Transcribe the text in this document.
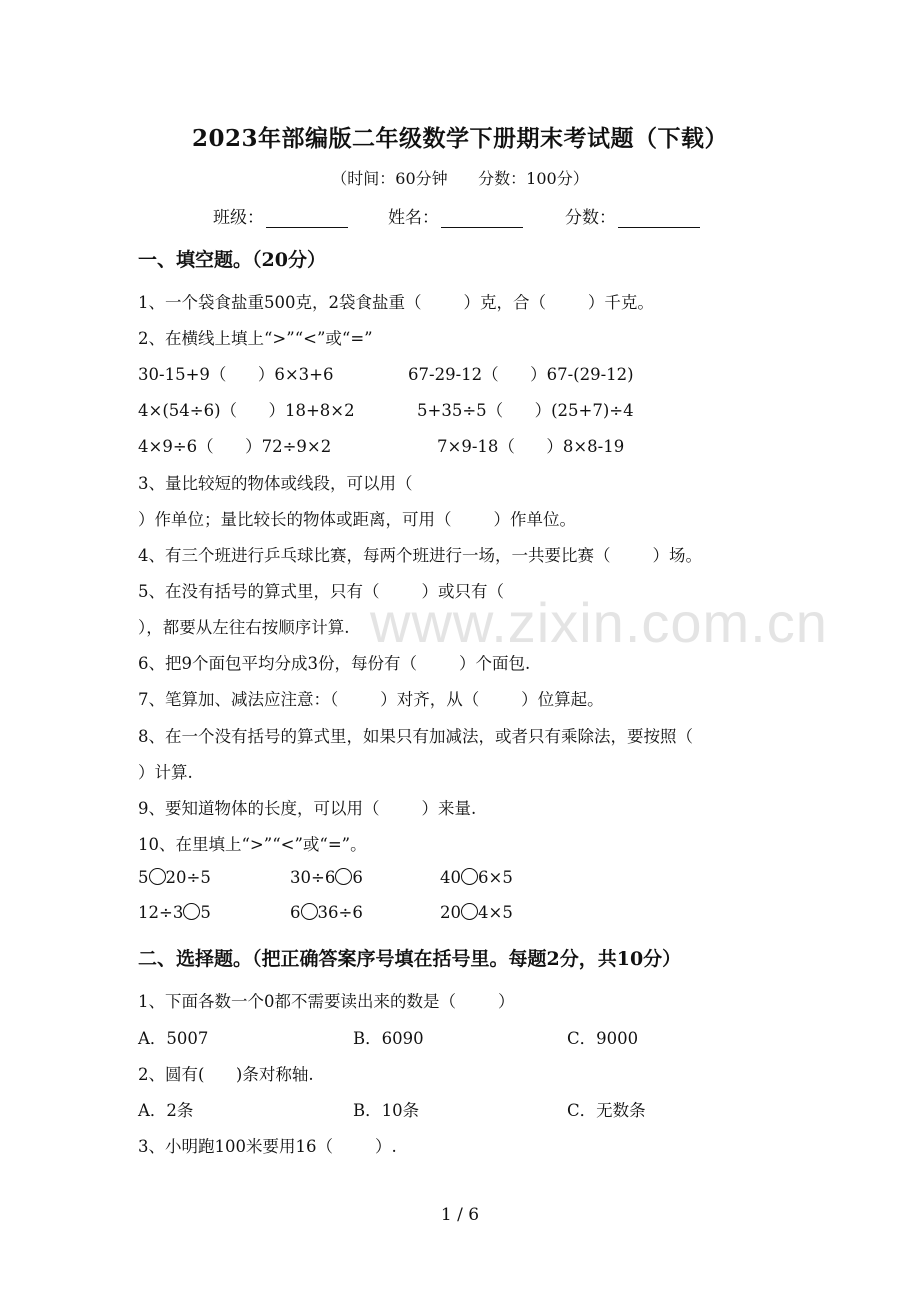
www.zixin.com.cn
2023年部编版二年级数学下册期末考试题（下载）
（时间：60分钟      分数：100分）
班级：	姓名：	分数：
一、填空题。（20分）
1、一个袋食盐重500克，2袋食盐重（        ）克，合（        ）千克。
2、在横线上填上“>”“<”或“=”
30-15+9（      ）6×3+6	67-29-12（      ）67-(29-12)
4×(54÷6)（      ）18+8×2	5+35÷5（      ）(25+7)÷4
4×9÷6（      ）72÷9×2	7×9-18（      ）8×8-19
3、量比较短的物体或线段，可以用（
）作单位；量比较长的物体或距离，可用（        ）作单位。
4、有三个班进行乒乓球比赛，每两个班进行一场，一共要比赛（        ）场。
5、在没有括号的算式里，只有（        ）或只有（
），都要从左往右按顺序计算.
6、把9个面包平均分成3份，每份有（        ）个面包.
7、笔算加、减法应注意：（        ）对齐，从（        ）位算起。
8、在一个没有括号的算式里，如果只有加减法，或者只有乘除法，要按照（
）计算.
9、要知道物体的长度，可以用（        ）来量.
10、在里填上“>”“<”或“=”。
5 20÷5	30÷6 6	40 6×5
12÷3 5	6 36÷6	20 4×5
二、选择题。（把正确答案序号填在括号里。每题2分，共10分）
1、下面各数一个0都不需要读出来的数是（        ）
A．5007	B．6090	C．9000
2、圆有(      )条对称轴.
A．2条	B．10条	C．无数条
3、小明跑100米要用16（        ）.
1 / 6
